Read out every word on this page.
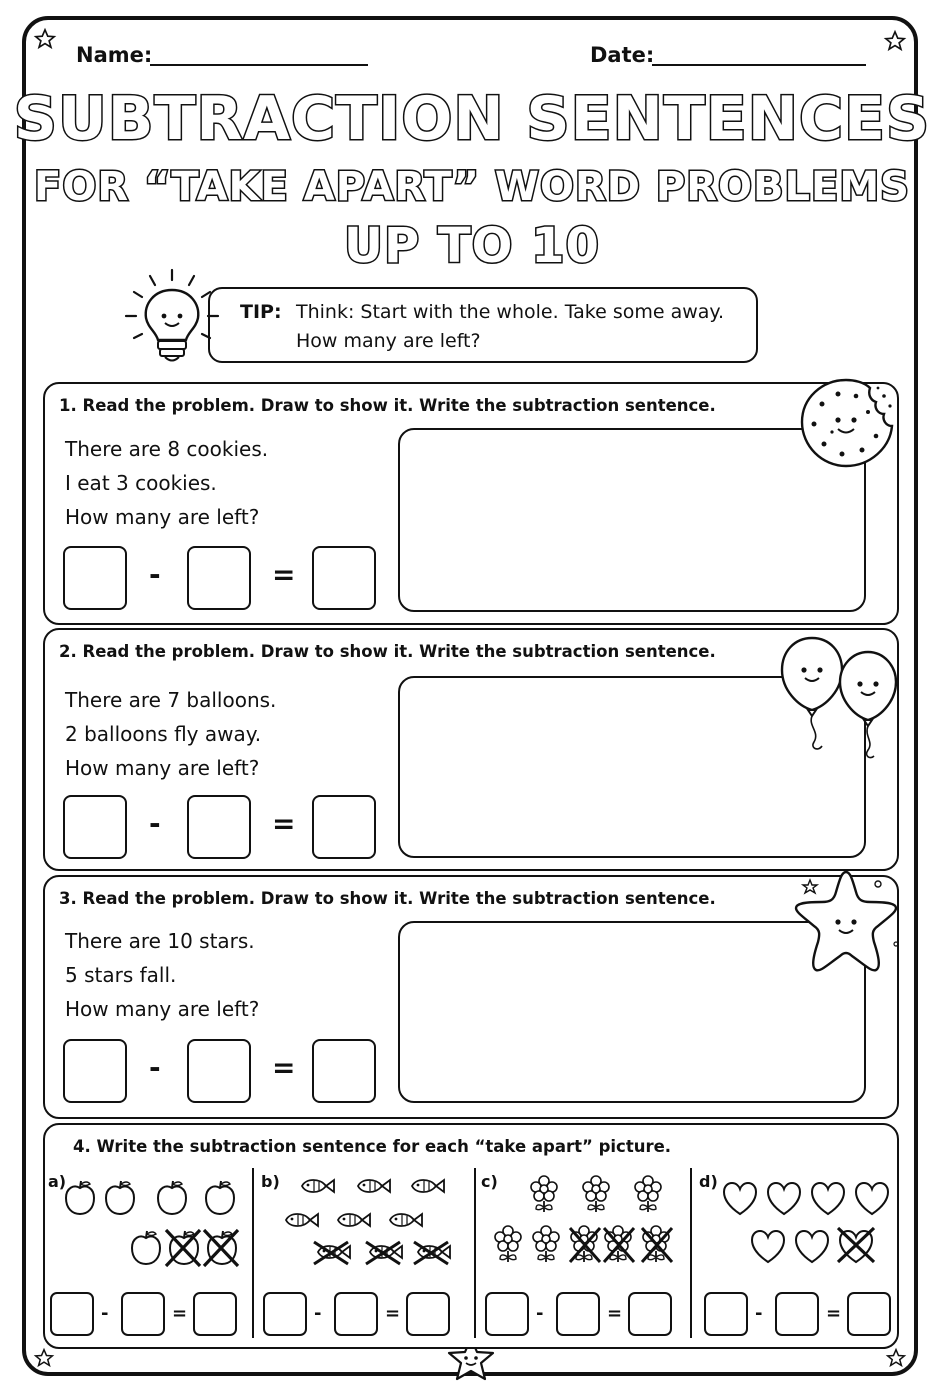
Name:	Date:
SUBTRACTION SENTENCES
FOR “TAKE APART” WORD PROBLEMS
UP TO 10
TIP: Think: Start with the whole. Take some away.
How many are left?
1. Read the problem. Draw to show it. Write the subtraction sentence.
There are 8 cookies.
I eat 3 cookies.
How many are left?
-	=
2. Read the problem. Draw to show it. Write the subtraction sentence.
There are 7 balloons.
2 balloons fly away.
How many are left?
-	=
3. Read the problem. Draw to show it. Write the subtraction sentence.
There are 10 stars.
5 stars fall.
How many are left?
-	=
4. Write the subtraction sentence for each “take apart” picture.
a)
-	=
b)
-	=
c)
-	=
d)
-	=
